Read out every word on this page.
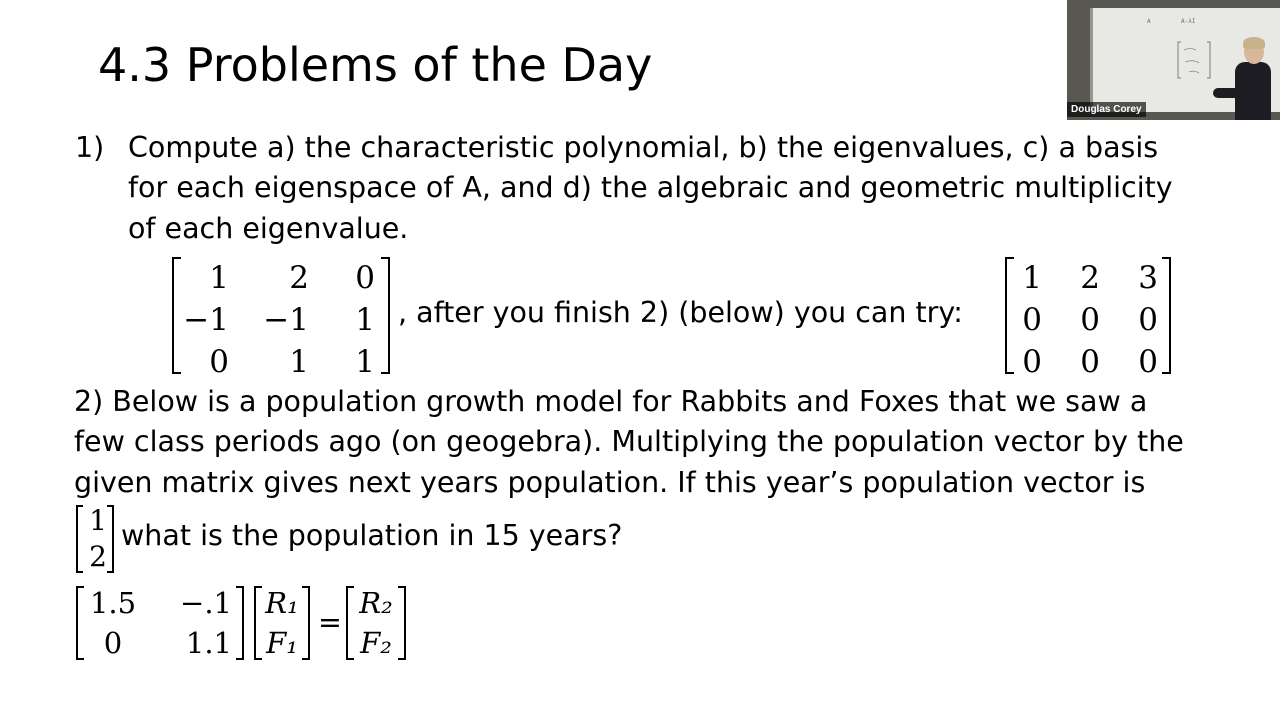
4.3 Problems of the Day
A	A-λI
Douglas Corey
1) Compute a) the characteristic polynomial, b) the eigenvalues, c) a basis
for each eigenspace of A, and d) the algebraic and geometric multiplicity
of each eigenvalue.
1	2	0
−1	−1	1
0	1	1
, after you finish 2) (below) you can try:
1	2	3
0	0	0
0	0	0
2) Below is a population growth model for Rabbits and Foxes that we saw a
few class periods ago (on geogebra). Multiplying the population vector by the
given matrix gives next years population. If this year’s population vector is
1
2
what is the population in 15 years?
1.5	−.1
0	1.1
R₁
F₁
=
R₂
F₂
